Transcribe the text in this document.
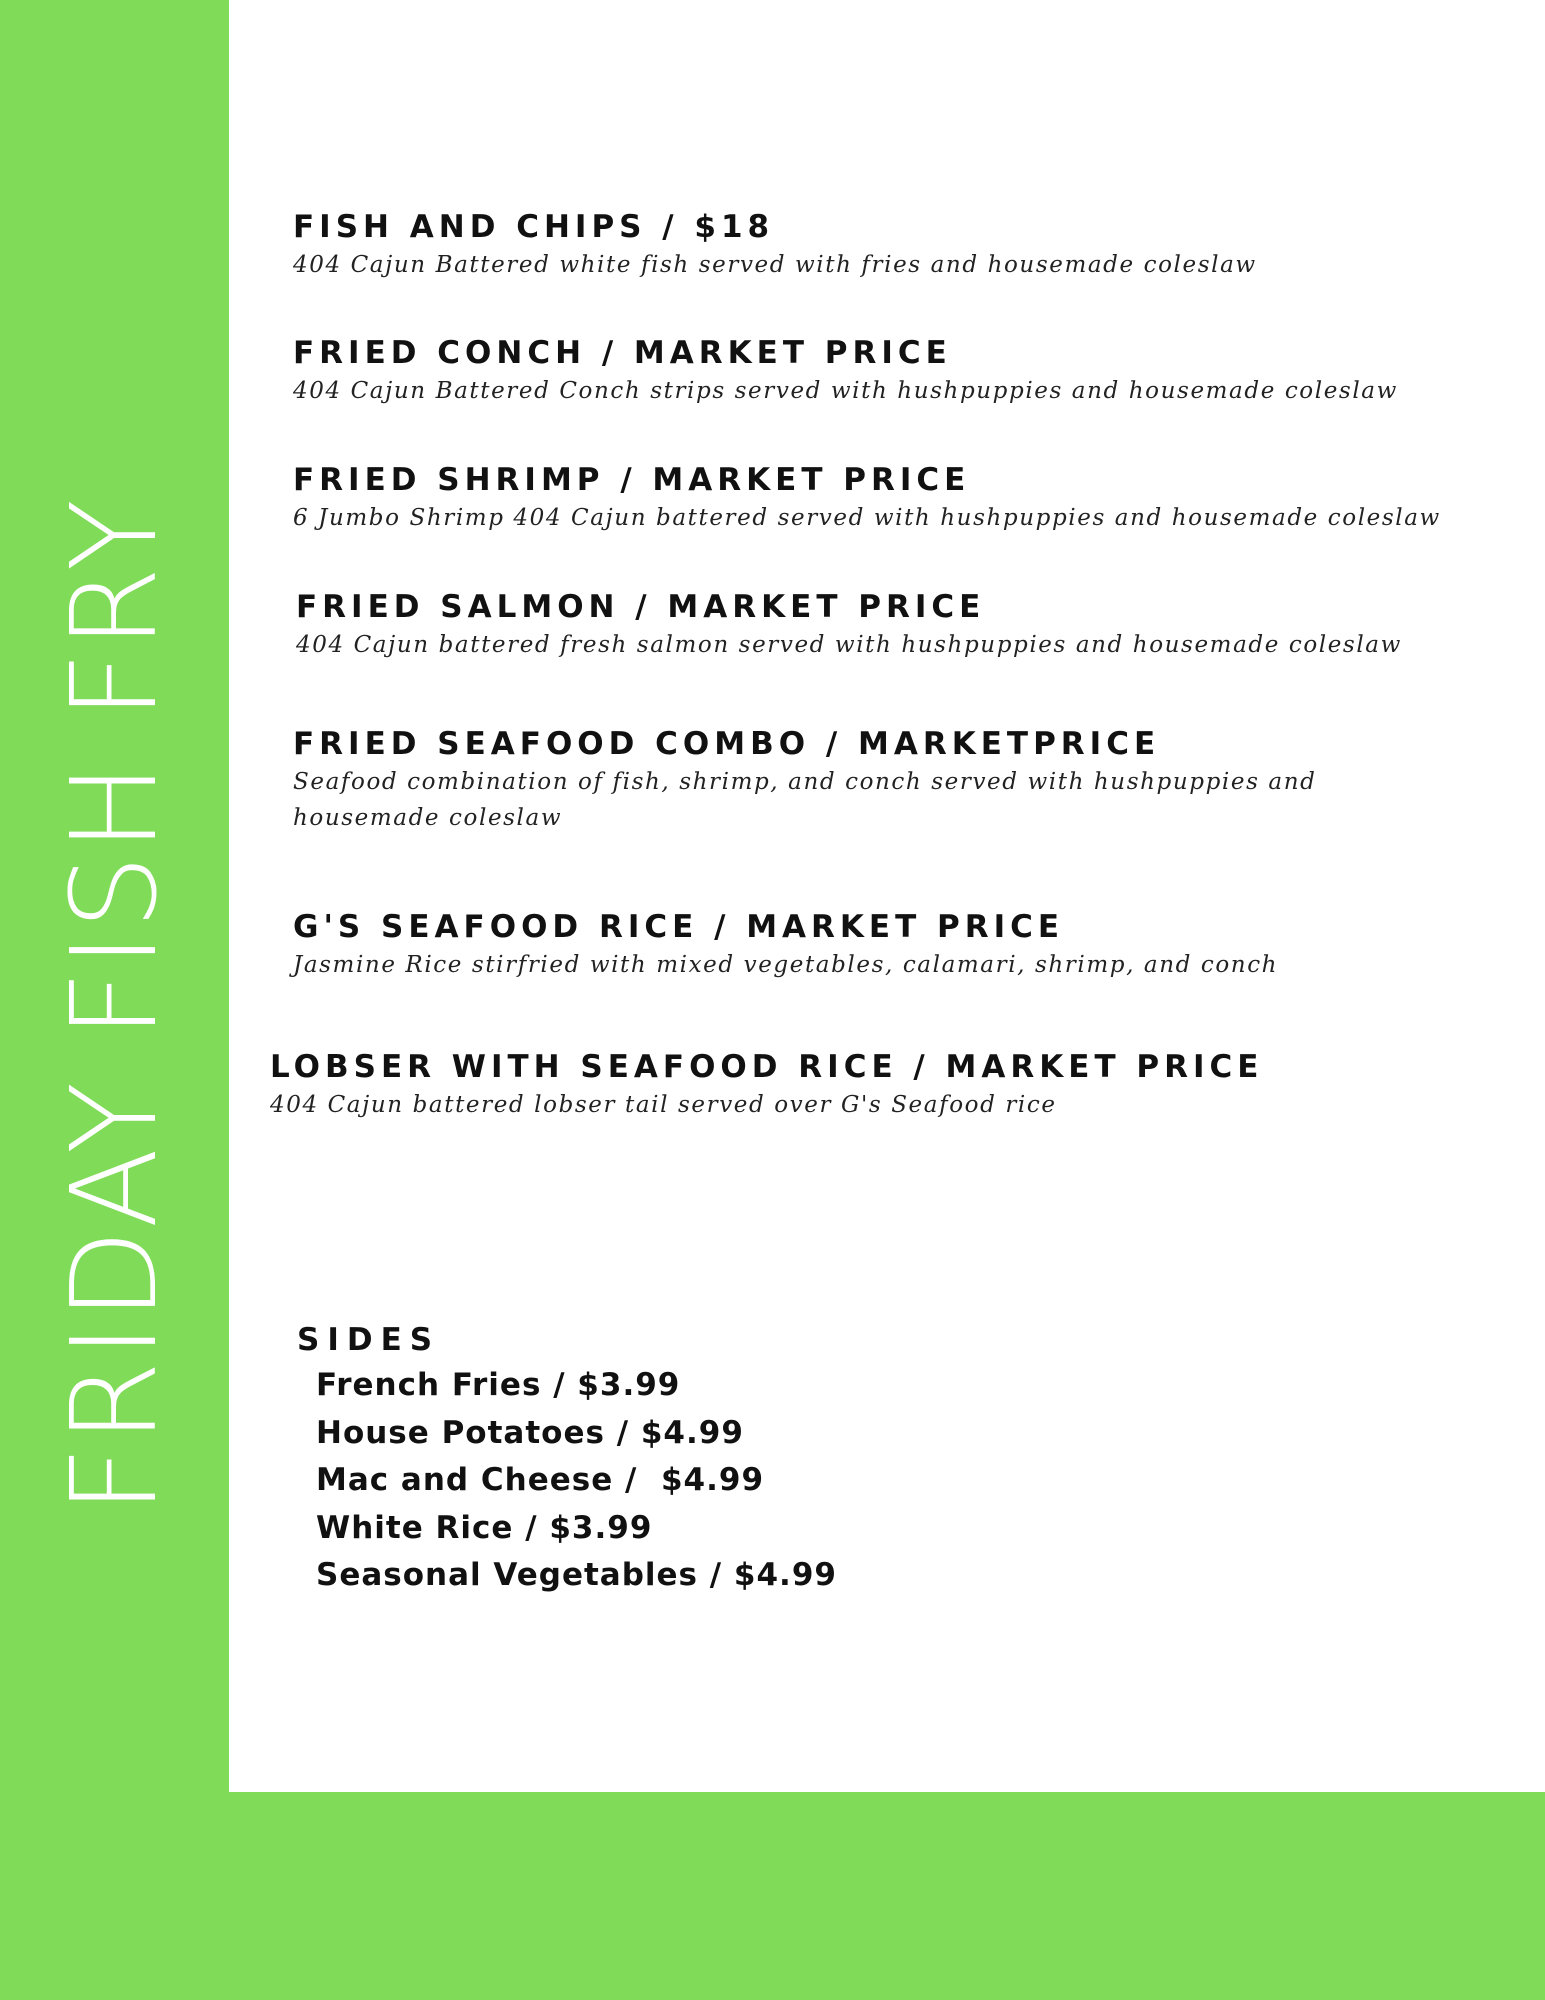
FRIDAY FISH FRY
FISH AND CHIPS / $18
404 Cajun Battered white fish served with fries and housemade coleslaw
FRIED CONCH / MARKET PRICE
404 Cajun Battered Conch strips served with hushpuppies and housemade coleslaw
FRIED SHRIMP / MARKET PRICE
6 Jumbo Shrimp 404 Cajun battered served with hushpuppies and housemade coleslaw
FRIED SALMON / MARKET PRICE
404 Cajun battered fresh salmon served with hushpuppies and housemade coleslaw
FRIED SEAFOOD COMBO / MARKETPRICE
Seafood combination of fish, shrimp, and conch served with hushpuppies and housemade coleslaw
G'S SEAFOOD RICE / MARKET PRICE
Jasmine Rice stirfried with mixed vegetables, calamari, shrimp, and conch
LOBSER WITH SEAFOOD RICE / MARKET PRICE
404 Cajun battered lobser tail served over G's Seafood rice
SIDES
French Fries / $3.99
House Potatoes / $4.99
Mac and Cheese /  $4.99
White Rice / $3.99
Seasonal Vegetables / $4.99
